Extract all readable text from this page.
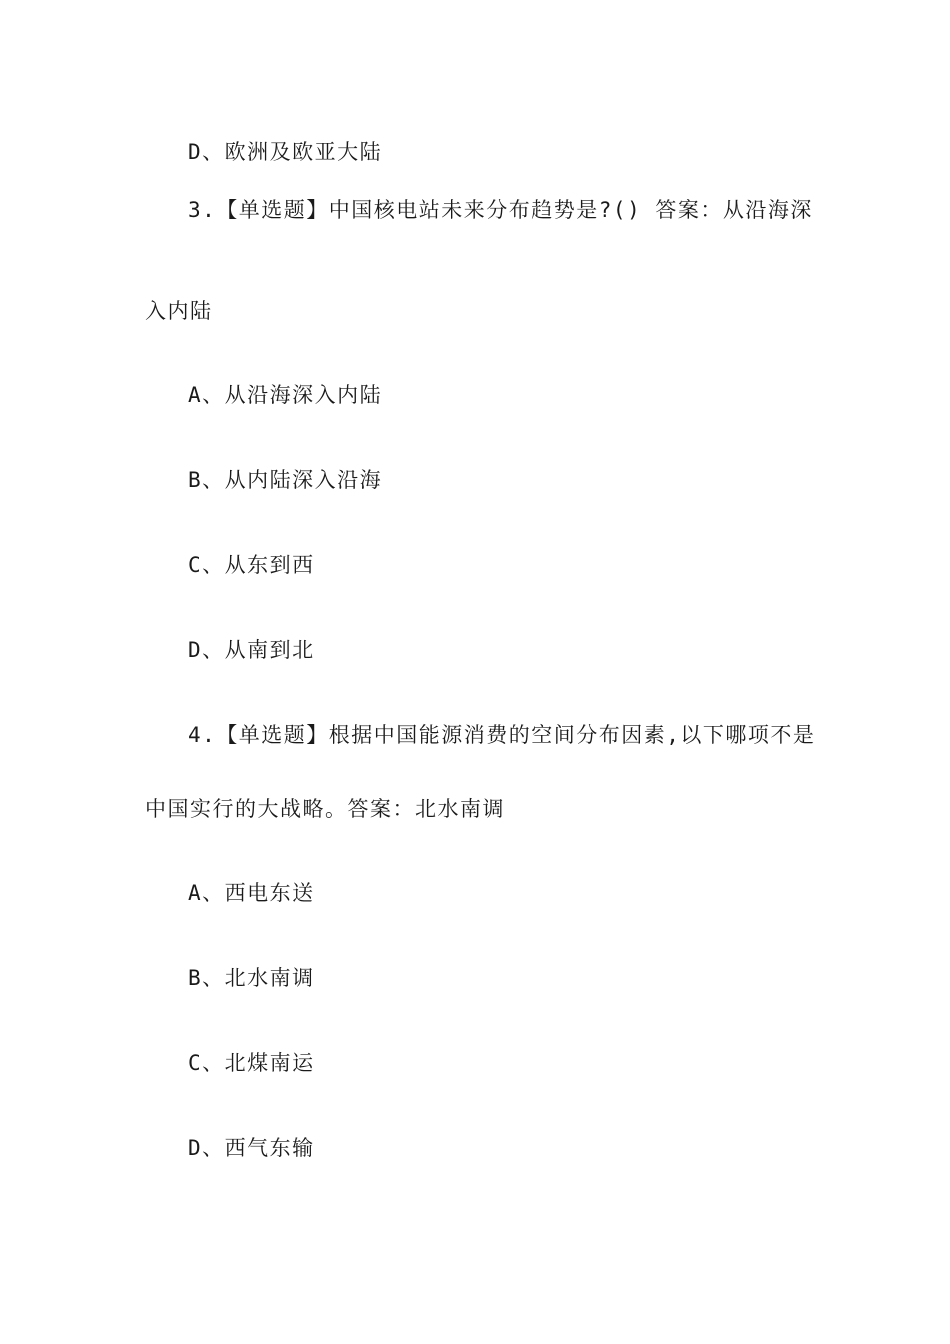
D、欧洲及欧亚大陆
3.【单选题】中国核电站未来分布趋势是?() 答案：从沿海深
入内陆
A、从沿海深入内陆
B、从内陆深入沿海
C、从东到西
D、从南到北
4.【单选题】根据中国能源消费的空间分布因素,以下哪项不是
中国实行的大战略。答案：北水南调
A、西电东送
B、北水南调
C、北煤南运
D、西气东输
